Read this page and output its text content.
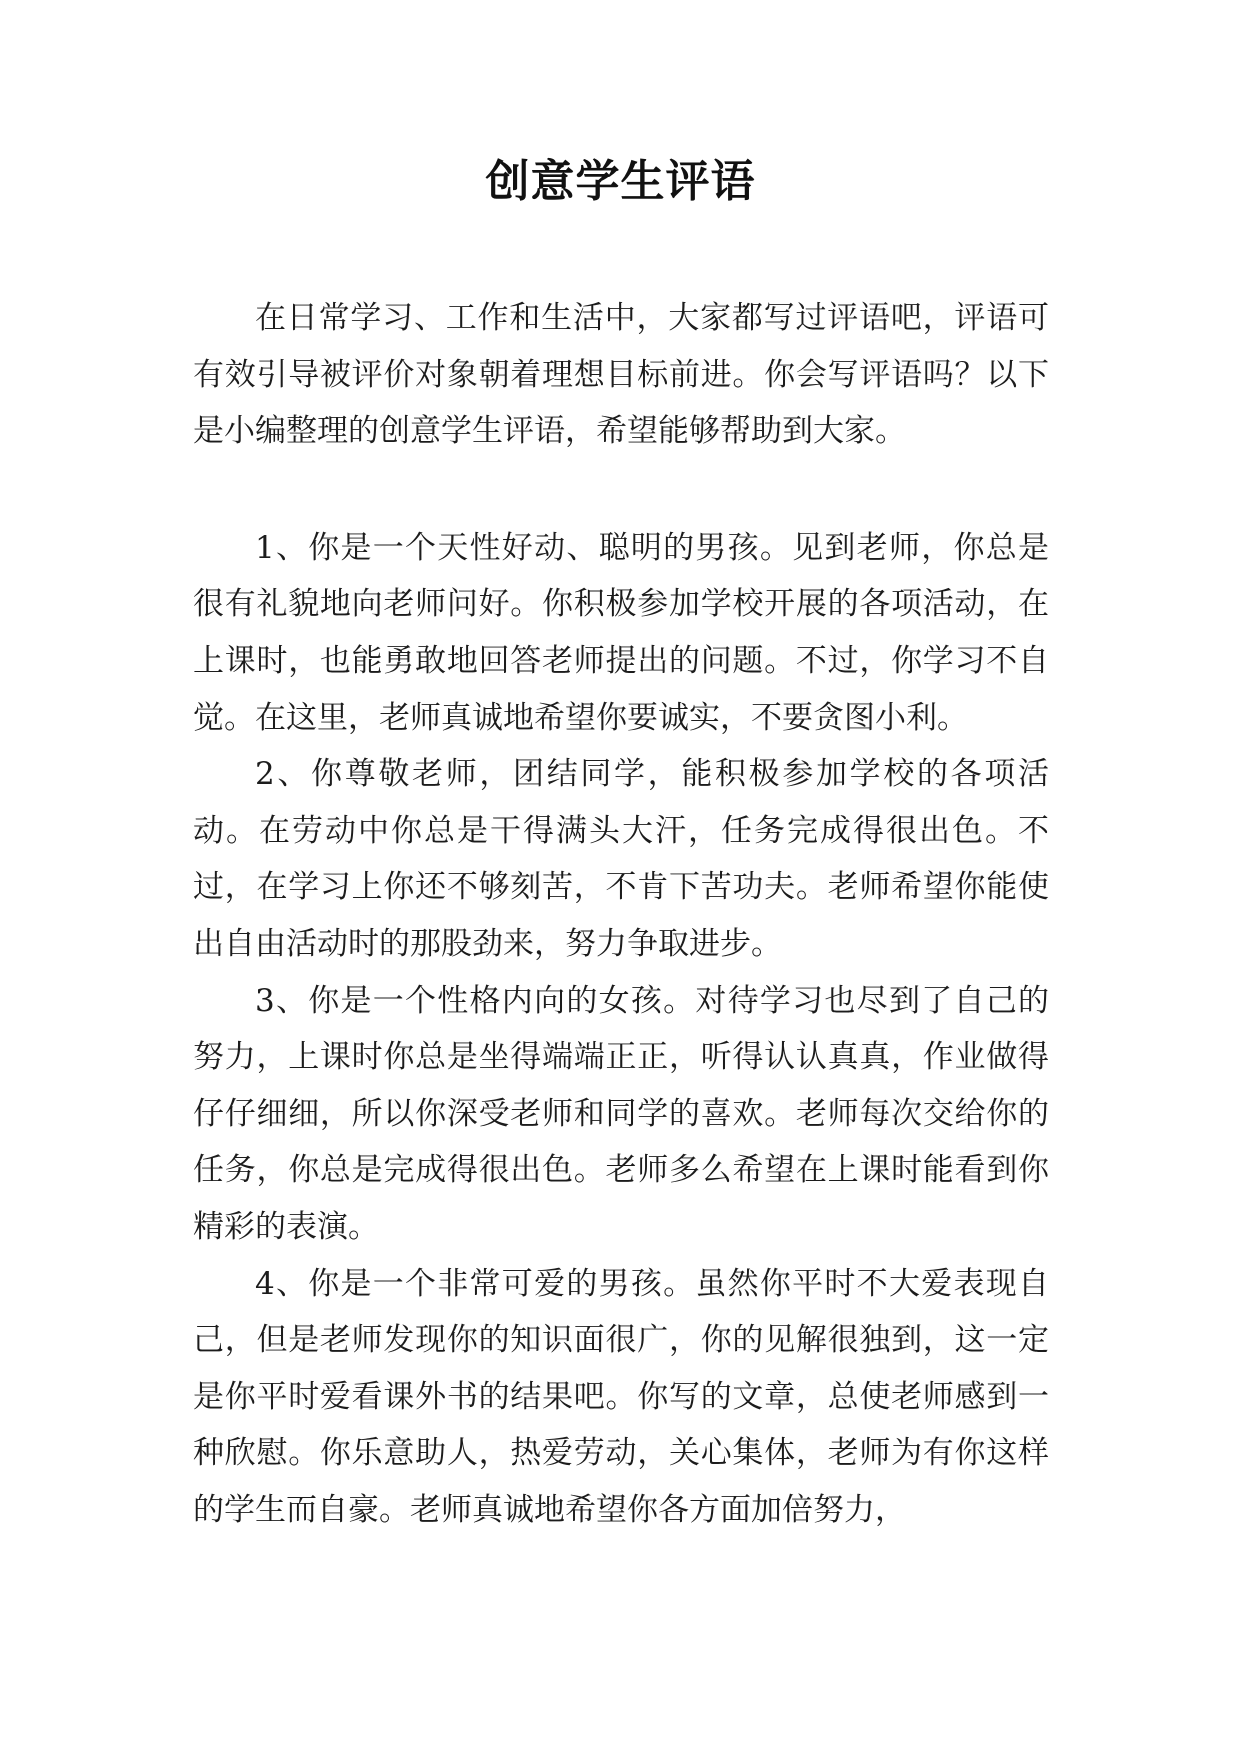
创意学生评语

在日常学习、工作和生活中，大家都写过评语吧，评语可有效引导被评价对象朝着理想目标前进。你会写评语吗？以下是小编整理的创意学生评语，希望能够帮助到大家。

1、你是一个天性好动、聪明的男孩。见到老师，你总是很有礼貌地向老师问好。你积极参加学校开展的各项活动，在上课时，也能勇敢地回答老师提出的问题。不过，你学习不自觉。在这里，老师真诚地希望你要诚实，不要贪图小利。

2、你尊敬老师，团结同学，能积极参加学校的各项活动。在劳动中你总是干得满头大汗，任务完成得很出色。不过，在学习上你还不够刻苦，不肯下苦功夫。老师希望你能使出自由活动时的那股劲来，努力争取进步。

3、你是一个性格内向的女孩。对待学习也尽到了自己的努力，上课时你总是坐得端端正正，听得认认真真，作业做得仔仔细细，所以你深受老师和同学的喜欢。老师每次交给你的任务，你总是完成得很出色。老师多么希望在上课时能看到你精彩的表演。

4、你是一个非常可爱的男孩。虽然你平时不大爱表现自己，但是老师发现你的知识面很广，你的见解很独到，这一定是你平时爱看课外书的结果吧。你写的文章，总使老师感到一种欣慰。你乐意助人，热爱劳动，关心集体，老师为有你这样的学生而自豪。老师真诚地希望你各方面加倍努力，
